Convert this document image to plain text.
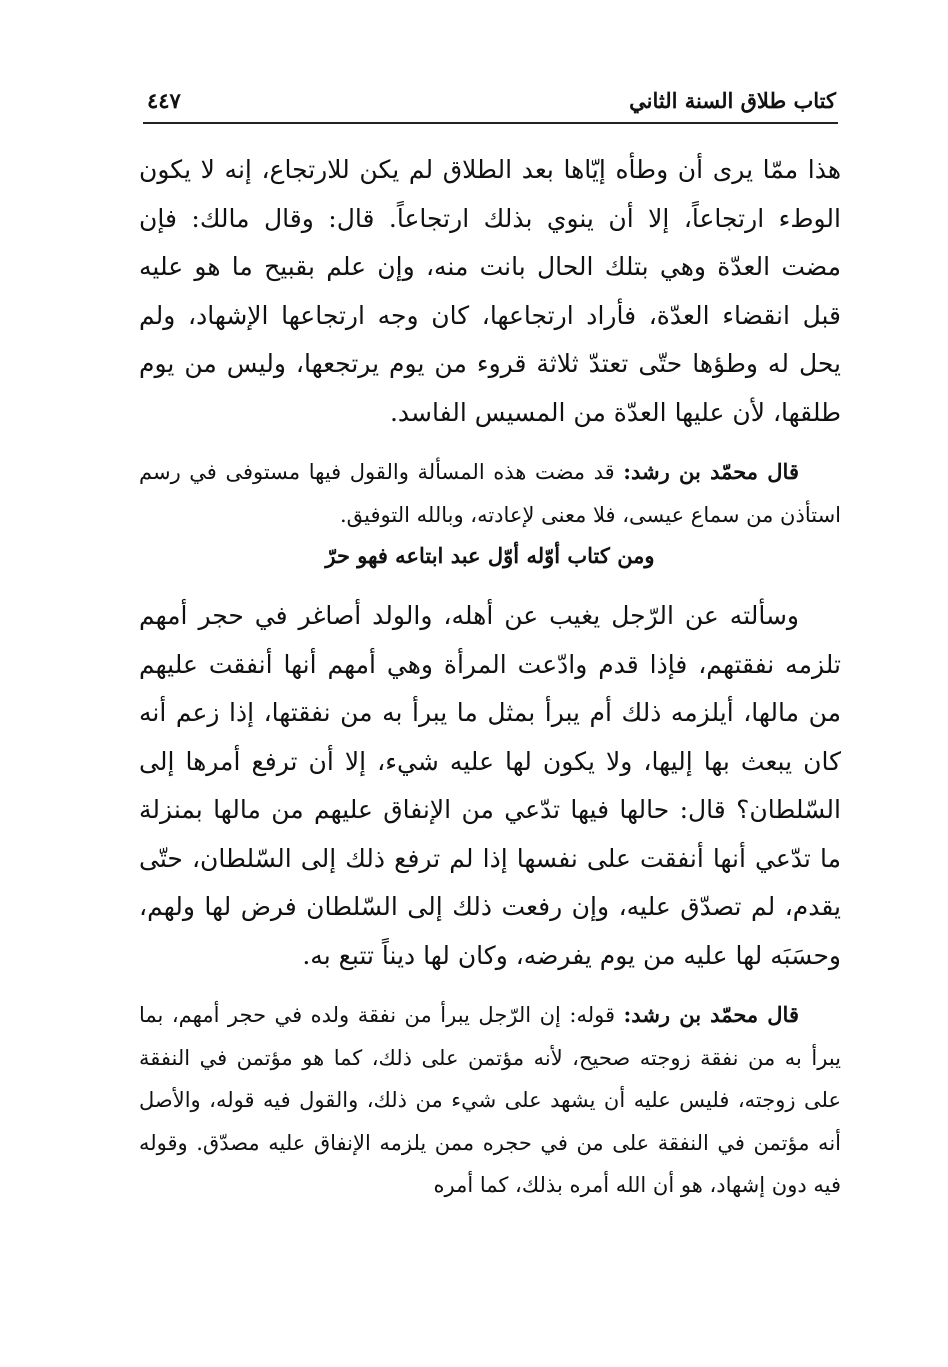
كتاب طلاق السنة الثاني
٤٤٧

هذا ممّا يرى أن وطأه إيّاها بعد الطلاق لم يكن للارتجاع، إنه لا يكون الوطء ارتجاعاً، إلا أن ينوي بذلك ارتجاعاً. قال: وقال مالك: فإن مضت العدّة وهي بتلك الحال بانت منه، وإن علم بقبيح ما هو عليه قبل انقضاء العدّة، فأراد ارتجاعها، كان وجه ارتجاعها الإشهاد، ولم يحل له وطؤها حتّى تعتدّ ثلاثة قروء من يوم يرتجعها، وليس من يوم طلقها، لأن عليها العدّة من المسيس الفاسد.

قال محمّد بن رشد: قد مضت هذه المسألة والقول فيها مستوفى في رسم استأذن من سماع عيسى، فلا معنى لإعادته، وبالله التوفيق.

ومن كتاب أوّله أوّل عبد ابتاعه فهو حرّ

وسألته عن الرّجل يغيب عن أهله، والولد أصاغر في حجر أمهم تلزمه نفقتهم، فإذا قدم وادّعت المرأة وهي أمهم أنها أنفقت عليهم من مالها، أيلزمه ذلك أم يبرأ بمثل ما يبرأ به من نفقتها، إذا زعم أنه كان يبعث بها إليها، ولا يكون لها عليه شيء، إلا أن ترفع أمرها إلى السّلطان؟ قال: حالها فيها تدّعي من الإنفاق عليهم من مالها بمنزلة ما تدّعي أنها أنفقت على نفسها إذا لم ترفع ذلك إلى السّلطان، حتّى يقدم، لم تصدّق عليه، وإن رفعت ذلك إلى السّلطان فرض لها ولهم، وحسَبَه لها عليه من يوم يفرضه، وكان لها ديناً تتبع به.

قال محمّد بن رشد: قوله: إن الرّجل يبرأ من نفقة ولده في حجر أمهم، بما يبرأ به من نفقة زوجته صحيح، لأنه مؤتمن على ذلك، كما هو مؤتمن في النفقة على زوجته، فليس عليه أن يشهد على شيء من ذلك، والقول فيه قوله، والأصل أنه مؤتمن في النفقة على من في حجره ممن يلزمه الإنفاق عليه مصدّق. وقوله فيه دون إشهاد، هو أن الله أمره بذلك، كما أمره
